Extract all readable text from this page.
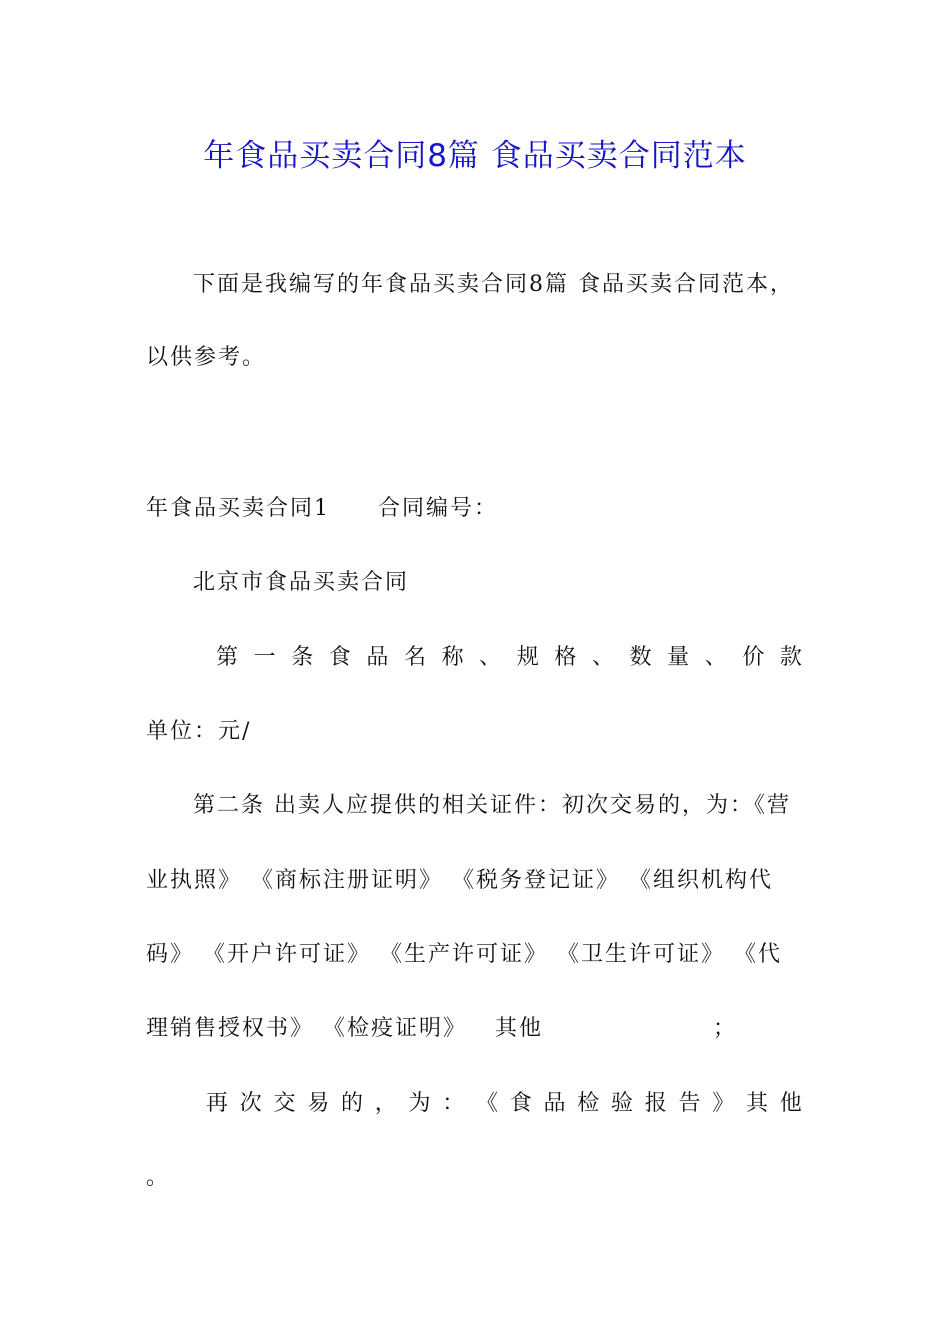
年食品买卖合同8篇 食品买卖合同范本
下面是我编写的年食品买卖合同8篇 食品买卖合同范本，
以供参考。
年食品买卖合同1 合同编号：
北京市食品买卖合同
第 一 条 食 品 名 称 、 规 格 、 数 量 、 价 款
单位：元/
第二条 出卖人应提供的相关证件：初次交易的，为：《营
业执照》 《商标注册证明》 《税务登记证》 《组织机构代
码》 《开户许可证》 《生产许可证》 《卫生许可证》 《代
理销售授权书》 《检疫证明》 其他	；
再 次 交 易 的 ， 为 ： 《 食 品 检 验 报 告 》 其 他
。
